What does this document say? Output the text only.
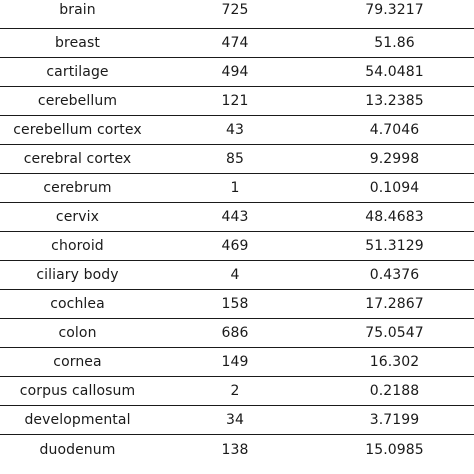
brain	725	79.3217
breast	474	51.86
cartilage	494	54.0481
cerebellum	121	13.2385
cerebellum cortex	43	4.7046
cerebral cortex	85	9.2998
cerebrum	1	0.1094
cervix	443	48.4683
choroid	469	51.3129
ciliary body	4	0.4376
cochlea	158	17.2867
colon	686	75.0547
cornea	149	16.302
corpus callosum	2	0.2188
developmental	34	3.7199
duodenum	138	15.0985
